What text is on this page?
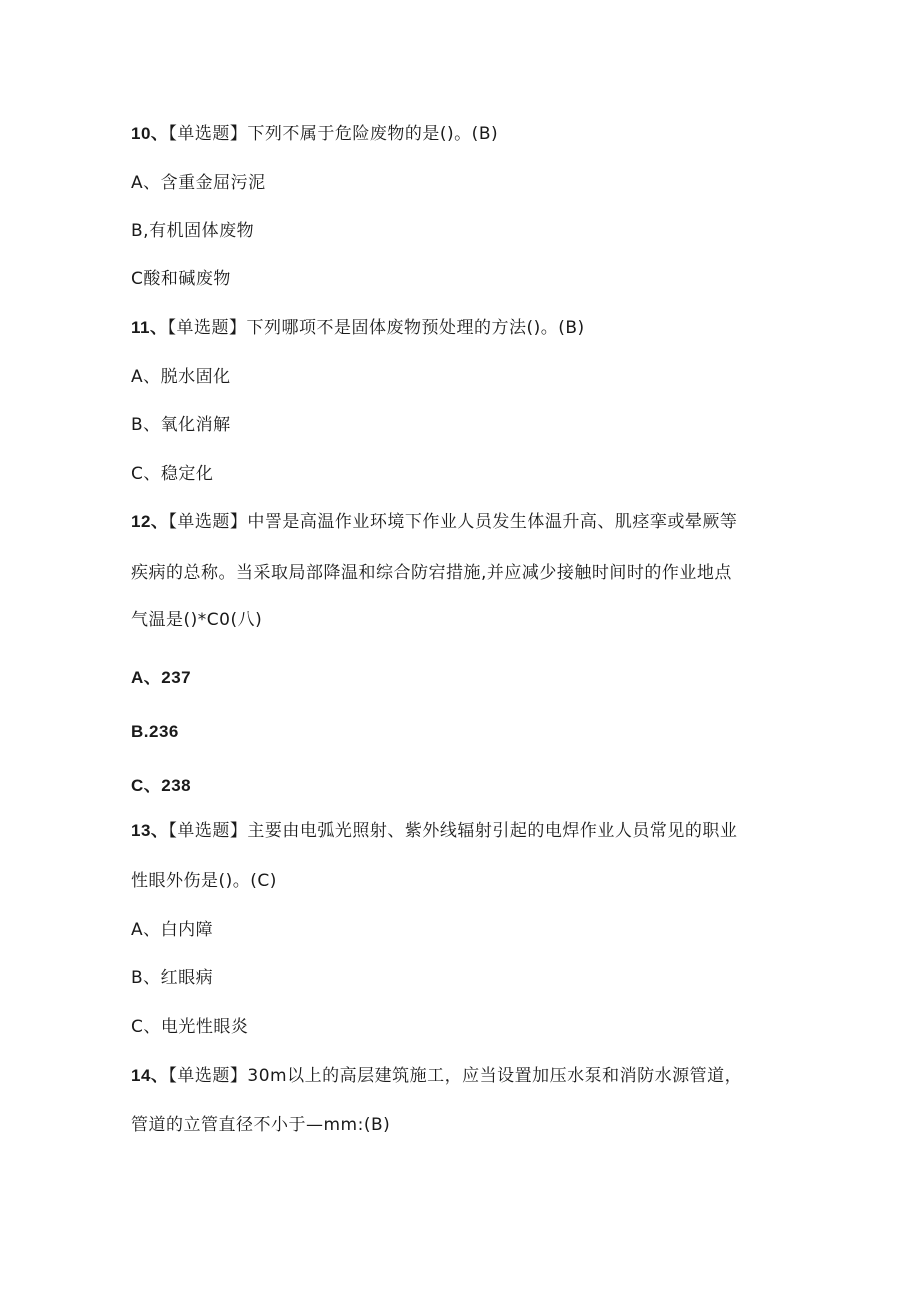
10、【单选题】下列不属于危险废物的是()。(B)
A、含重金屈污泥
B,有机固体废物
C酸和碱废物
11、【单选题】下列哪项不是固体废物预处理的方法()。(B)
A、脱水固化
B、氧化消解
C、稳定化
12、【单选题】中詈是高温作业环境下作业人员发生体温升高、肌痉挛或晕厥等
疾病的总称。当采取局部降温和综合防宕措施,并应减少接触时间时的作业地点
气温是()*C0(八)
A、237
B.236
C、238
13、【单选题】主要由电弧光照射、紫外线辐射引起的电焊作业人员常见的职业
性眼外伤是()。(C)
A、白内障
B、红眼病
C、电光性眼炎
14、【单选题】30m以上的高层建筑施工，应当设置加压水泵和消防水源管道，
管道的立管直径不小于—mm:(B)
